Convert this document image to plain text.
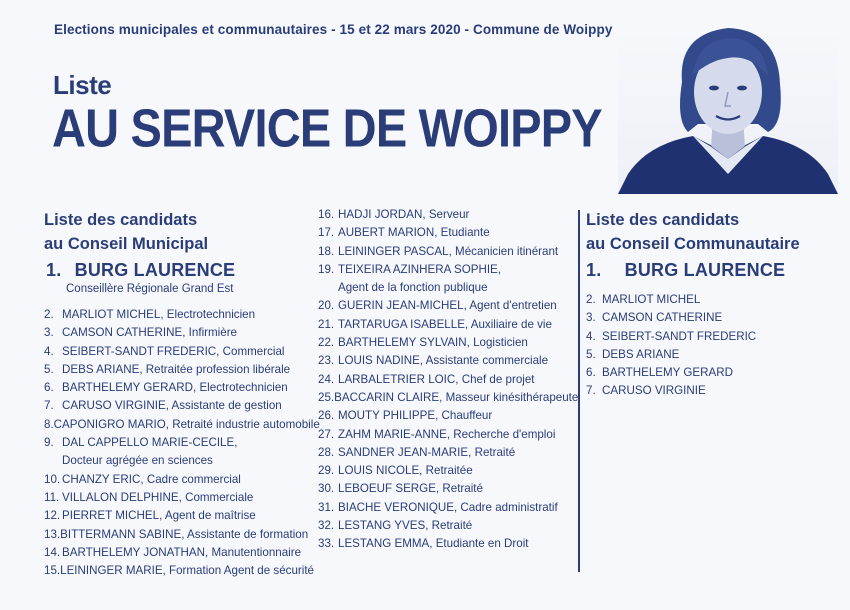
Elections municipales et communautaires - 15 et 22 mars 2020 - Commune de Woippy
Liste
AU SERVICE DE WOIPPY
Liste des candidats
au Conseil Municipal
1. BURG LAURENCE
Conseillère Régionale Grand Est
2. MARLIOT MICHEL, Electrotechnicien
3. CAMSON CATHERINE, Infirmière
4. SEIBERT-SANDT FREDERIC, Commercial
5. DEBS ARIANE, Retraitée profession libérale
6. BARTHELEMY GERARD, Electrotechnicien
7. CARUSO VIRGINIE, Assistante de gestion
8. CAPONIGRO MARIO, Retraité industrie automobile
9. DAL CAPPELLO MARIE-CECILE,
Docteur agrégée en sciences
10. CHANZY ERIC, Cadre commercial
11. VILLALON DELPHINE, Commerciale
12. PIERRET MICHEL, Agent de maîtrise
13. BITTERMANN SABINE, Assistante de formation
14. BARTHELEMY JONATHAN, Manutentionnaire
15. LEININGER MARIE, Formation Agent de sécurité
16. HADJI JORDAN, Serveur
17. AUBERT MARION, Etudiante
18. LEININGER PASCAL, Mécanicien itinérant
19. TEIXEIRA AZINHERA SOPHIE,
Agent de la fonction publique
20. GUERIN JEAN-MICHEL, Agent d'entretien
21. TARTARUGA ISABELLE, Auxiliaire de vie
22. BARTHELEMY SYLVAIN, Logisticien
23. LOUIS NADINE, Assistante commerciale
24. LARBALETRIER LOIC, Chef de projet
25. BACCARIN CLAIRE, Masseur kinésithérapeute
26. MOUTY PHILIPPE, Chauffeur
27. ZAHM MARIE-ANNE, Recherche d'emploi
28. SANDNER JEAN-MARIE, Retraité
29. LOUIS NICOLE, Retraitée
30. LEBOEUF SERGE, Retraité
31. BIACHE VERONIQUE, Cadre administratif
32. LESTANG YVES, Retraité
33. LESTANG EMMA, Etudiante en Droit
Liste des candidats
au Conseil Communautaire
1. BURG LAURENCE
2. MARLIOT MICHEL
3. CAMSON CATHERINE
4. SEIBERT-SANDT FREDERIC
5. DEBS ARIANE
6. BARTHELEMY GERARD
7. CARUSO VIRGINIE
